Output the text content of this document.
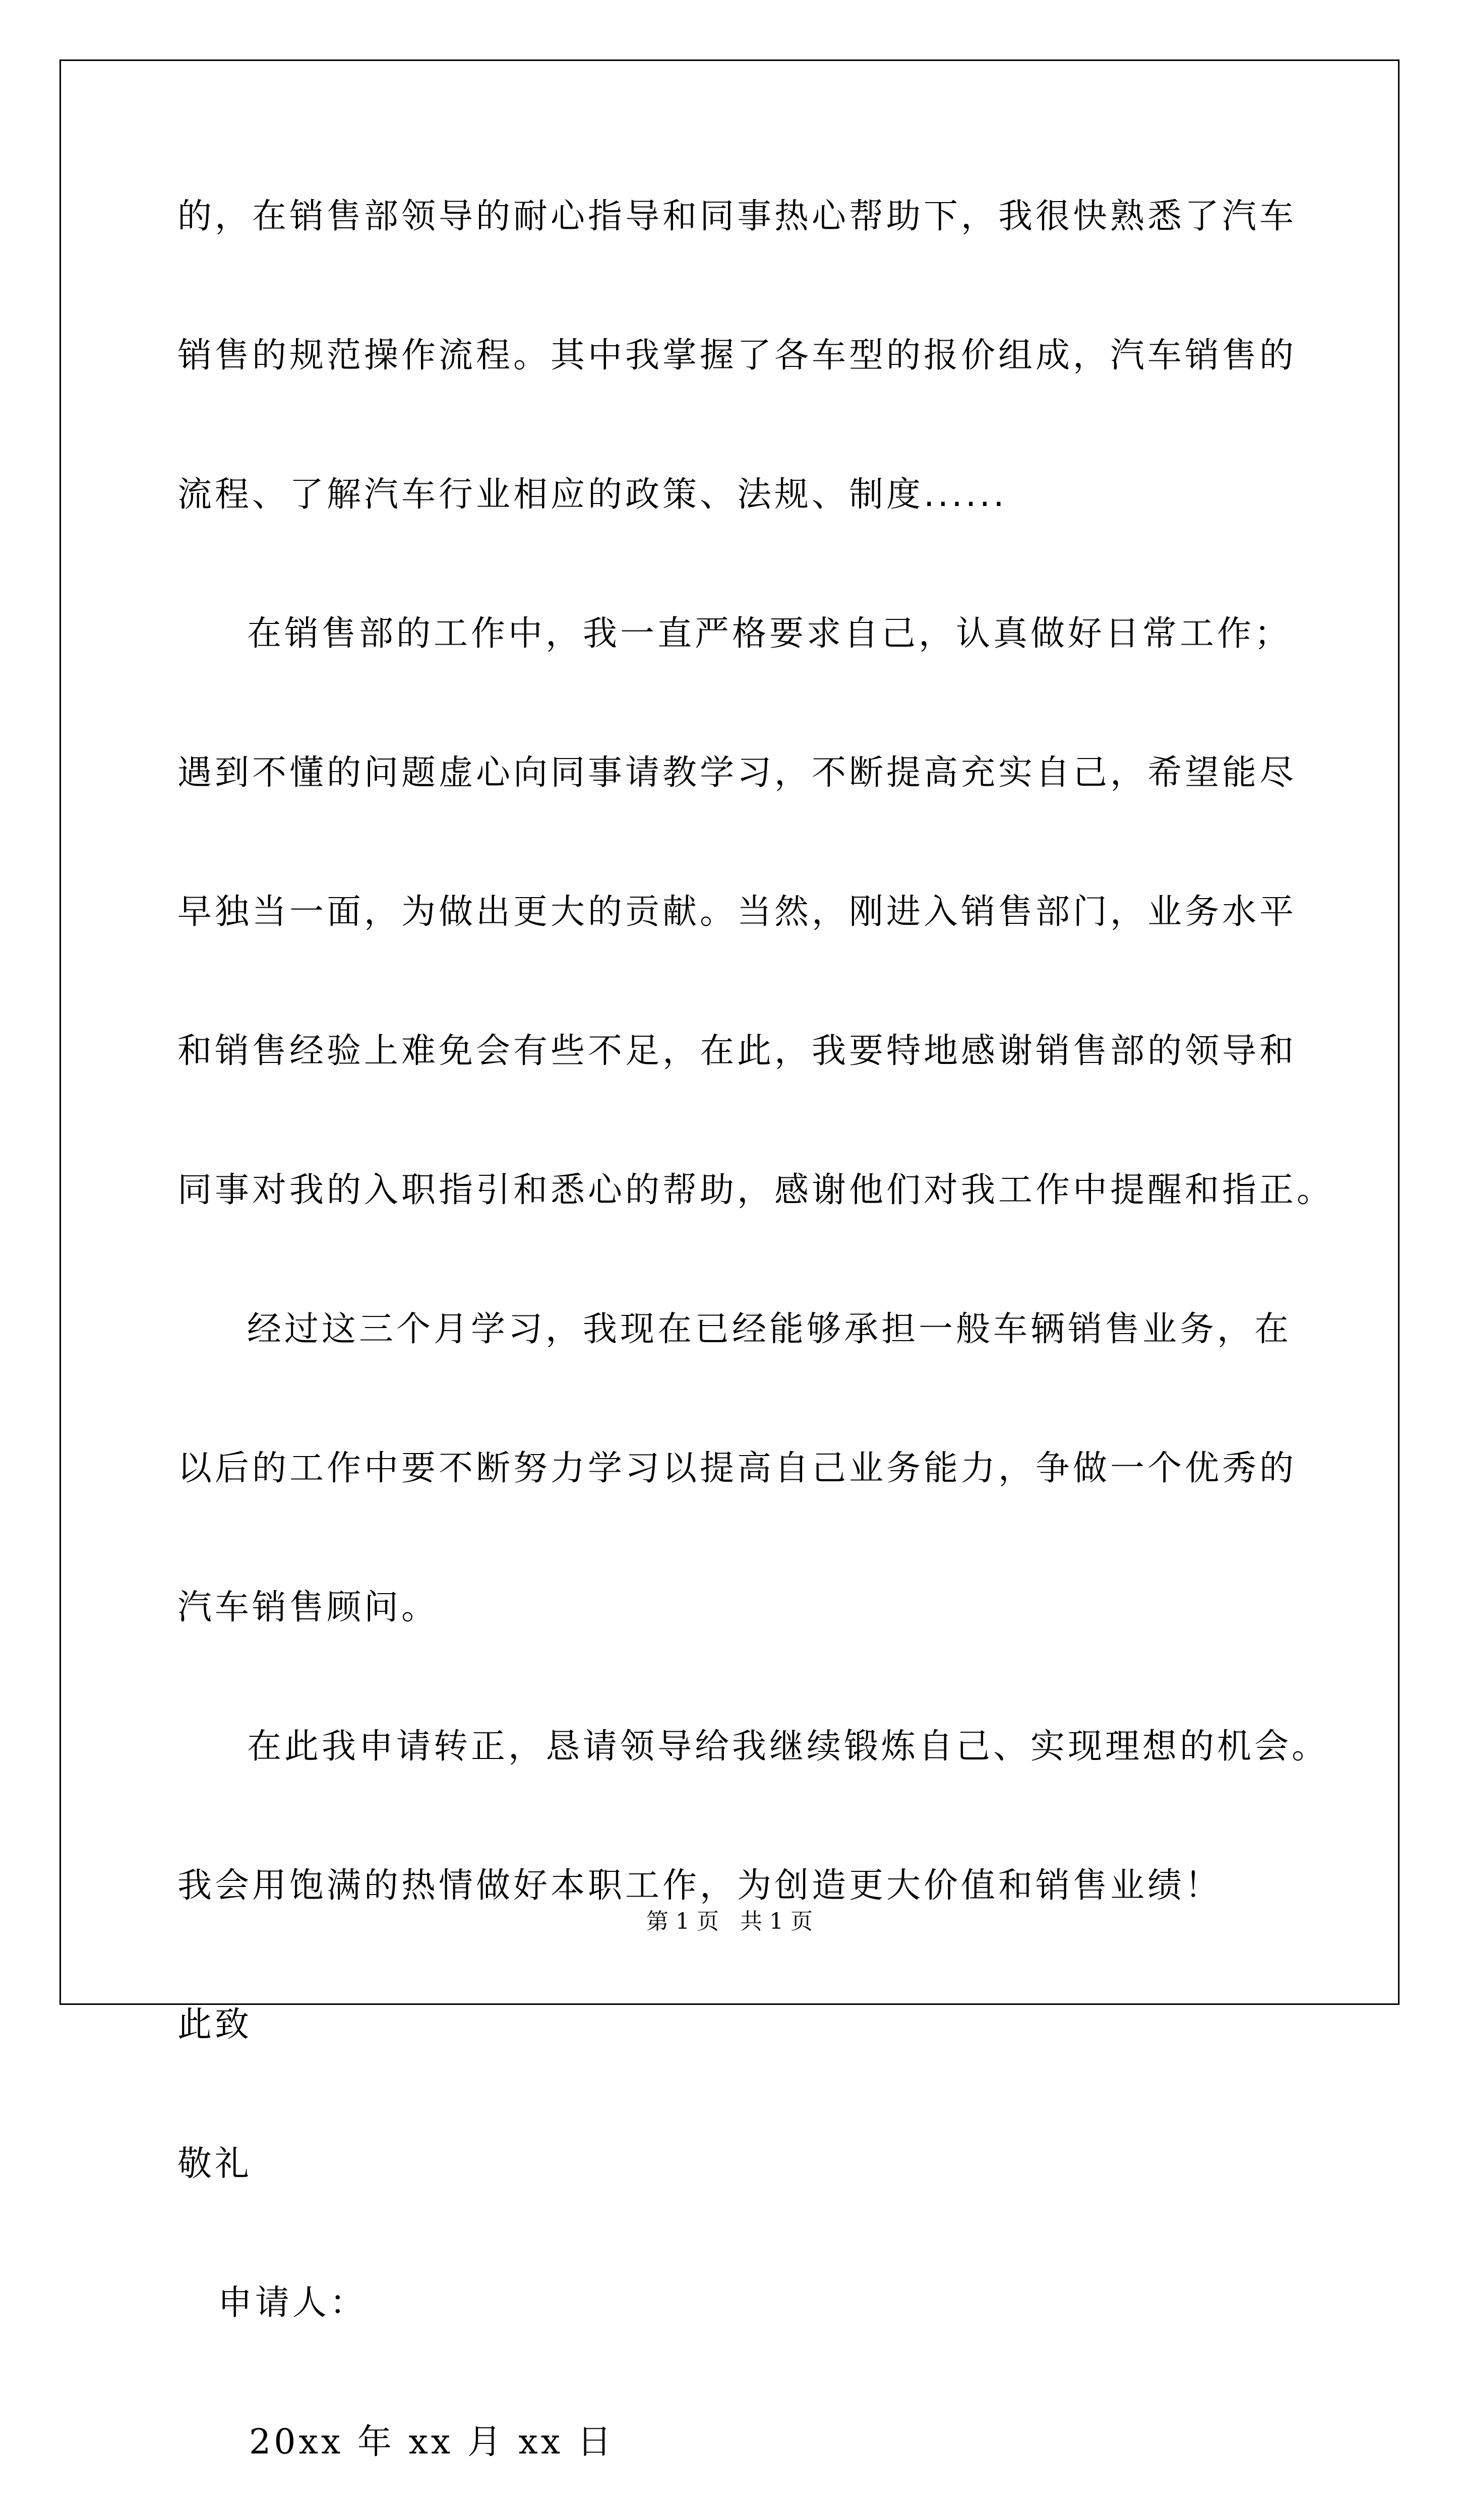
的，在销售部领导的耐心指导和同事热心帮助下，我很快熟悉了汽车
销售的规范操作流程。其中我掌握了各车型的报价组成，汽车销售的
流程、了解汽车行业相应的政策、法规、制度......
在销售部的工作中，我一直严格要求自己，认真做好日常工作；
遇到不懂的问题虚心向同事请教学习，不断提高充实自己，希望能尽
早独当一面，为做出更大的贡献。当然，刚进入销售部门，业务水平
和销售经验上难免会有些不足，在此，我要特地感谢销售部的领导和
同事对我的入职指引和悉心的帮助，感谢他们对我工作中提醒和指正。
经过这三个月学习，我现在已经能够承担一般车辆销售业务，在
以后的工作中要不断努力学习以提高自己业务能力，争做一个优秀的
汽车销售顾问。
在此我申请转正，恳请领导给我继续锻炼自己、实现理想的机会。
我会用饱满的热情做好本职工作，为创造更大价值和销售业绩！
此致
敬礼
申请人：
20xx 年 xx 月 xx 日
第 1 页   共 1 页
